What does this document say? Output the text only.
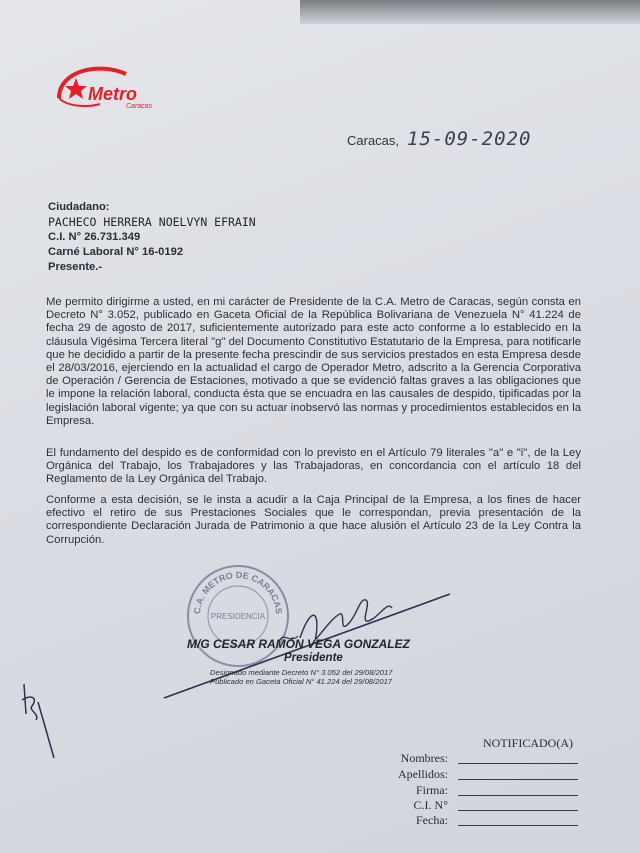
Metro
Caracas
Caracas, 15-09-2020
Ciudadano:
PACHECO HERRERA NOELVYN EFRAIN
C.I. N° 26.731.349
Carné Laboral N° 16-0192
Presente.-
Me permito dirigirme a usted, en mi carácter de Presidente de la C.A. Metro de Caracas, según consta en Decreto N° 3.052, publicado en Gaceta Oficial de la República Bolivariana de Venezuela N° 41.224 de fecha 29 de agosto de 2017, suficientemente autorizado para este acto conforme a lo establecido en la cláusula Vigésima Tercera literal "g" del Documento Constitutivo Estatutario de la Empresa, para notificarle que he decidido a partir de la presente fecha prescindir de sus servicios prestados en esta Empresa desde el 28/03/2016, ejerciendo en la actualidad el cargo de Operador Metro, adscrito a la Gerencia Corporativa de Operación / Gerencia de Estaciones, motivado a que se evidenció faltas graves a las obligaciones que le impone la relación laboral, conducta ésta que se encuadra en las causales de despido, tipificadas por la legislación laboral vigente; ya que con su actuar inobservó las normas y procedimientos establecidos en la Empresa.
El fundamento del despido es de conformidad con lo previsto en el Artículo 79 literales "a" e "i", de la Ley Orgánica del Trabajo, los Trabajadores y las Trabajadoras, en concordancia con el artículo 18 del Reglamento de la Ley Orgánica del Trabajo.
Conforme a esta decisión, se le insta a acudir a la Caja Principal de la Empresa, a los fines de hacer efectivo el retiro de sus Prestaciones Sociales que le correspondan, previa presentación de la correspondiente Declaración Jurada de Patrimonio a que hace alusión el Artículo 23 de la Ley Contra la Corrupción.
C.A. METRO DE CARACAS
PRESIDENCIA
M/G CESAR RAMÓN VEGA GONZALEZ
Presidente
Designado mediante Decreto N° 3.052 del 29/08/2017
Publicado en Gaceta Oficial N° 41.224 del 29/08/2017
NOTIFICADO(A)
Nombres:
Apellidos:
Firma:
C.I. N°
Fecha:
